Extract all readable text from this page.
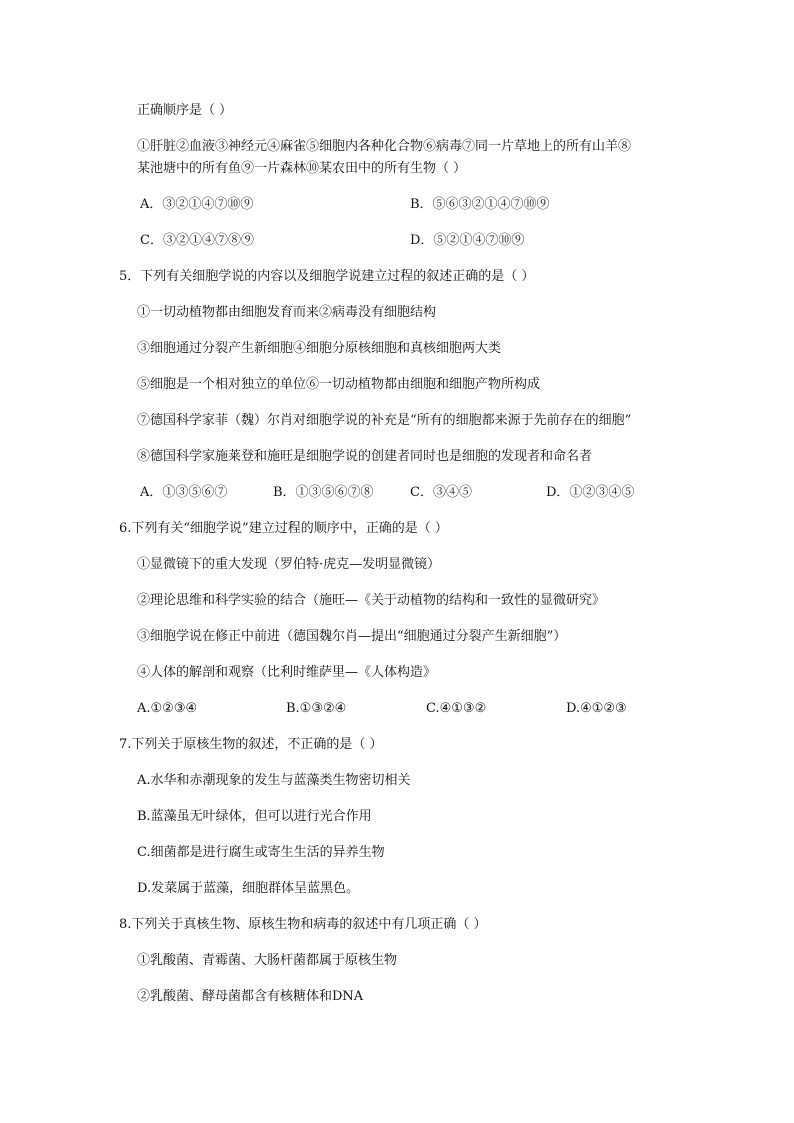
正确顺序是（ ）
①肝脏②血液③神经元④麻雀⑤细胞内各种化合物⑥病毒⑦同一片草地上的所有山羊⑧
某池塘中的所有鱼⑨一片森林⑩某农田中的所有生物（ ）
A．③②①④⑦⑩⑨	B．⑤⑥③②①④⑦⑩⑨
C．③②①④⑦⑧⑨	D．⑤②①④⑦⑩⑨
5．下列有关细胞学说的内容以及细胞学说建立过程的叙述正确的是（ ）
①一切动植物都由细胞发育而来②病毒没有细胞结构
③细胞通过分裂产生新细胞④细胞分原核细胞和真核细胞两大类
⑤细胞是一个相对独立的单位⑥一切动植物都由细胞和细胞产物所构成
⑦德国科学家菲（魏）尔肖对细胞学说的补充是“所有的细胞都来源于先前存在的细胞”
⑧德国科学家施莱登和施旺是细胞学说的创建者同时也是细胞的发现者和命名者
A．①③⑤⑥⑦	B．①③⑤⑥⑦⑧	C．③④⑤	D．①②③④⑤
6.下列有关“细胞学说”建立过程的顺序中，正确的是（ ）
①显微镜下的重大发现（罗伯特·虎克—发明显微镜）
②理论思维和科学实验的结合（施旺—《关于动植物的结构和一致性的显微研究》
③细胞学说在修正中前进（德国魏尔肖—提出“细胞通过分裂产生新细胞”）
④人体的解剖和观察（比利时维萨里—《人体构造》
A.①②③④	B.①③②④	C.④①③②	D.④①②③
7.下列关于原核生物的叙述，不正确的是（ ）
A.水华和赤潮现象的发生与蓝藻类生物密切相关
B.蓝藻虽无叶绿体，但可以进行光合作用
C.细菌都是进行腐生或寄生生活的异养生物
D.发菜属于蓝藻，细胞群体呈蓝黑色。
8.下列关于真核生物、原核生物和病毒的叙述中有几项正确（ ）
①乳酸菌、青霉菌、大肠杆菌都属于原核生物
②乳酸菌、酵母菌都含有核糖体和DNA
